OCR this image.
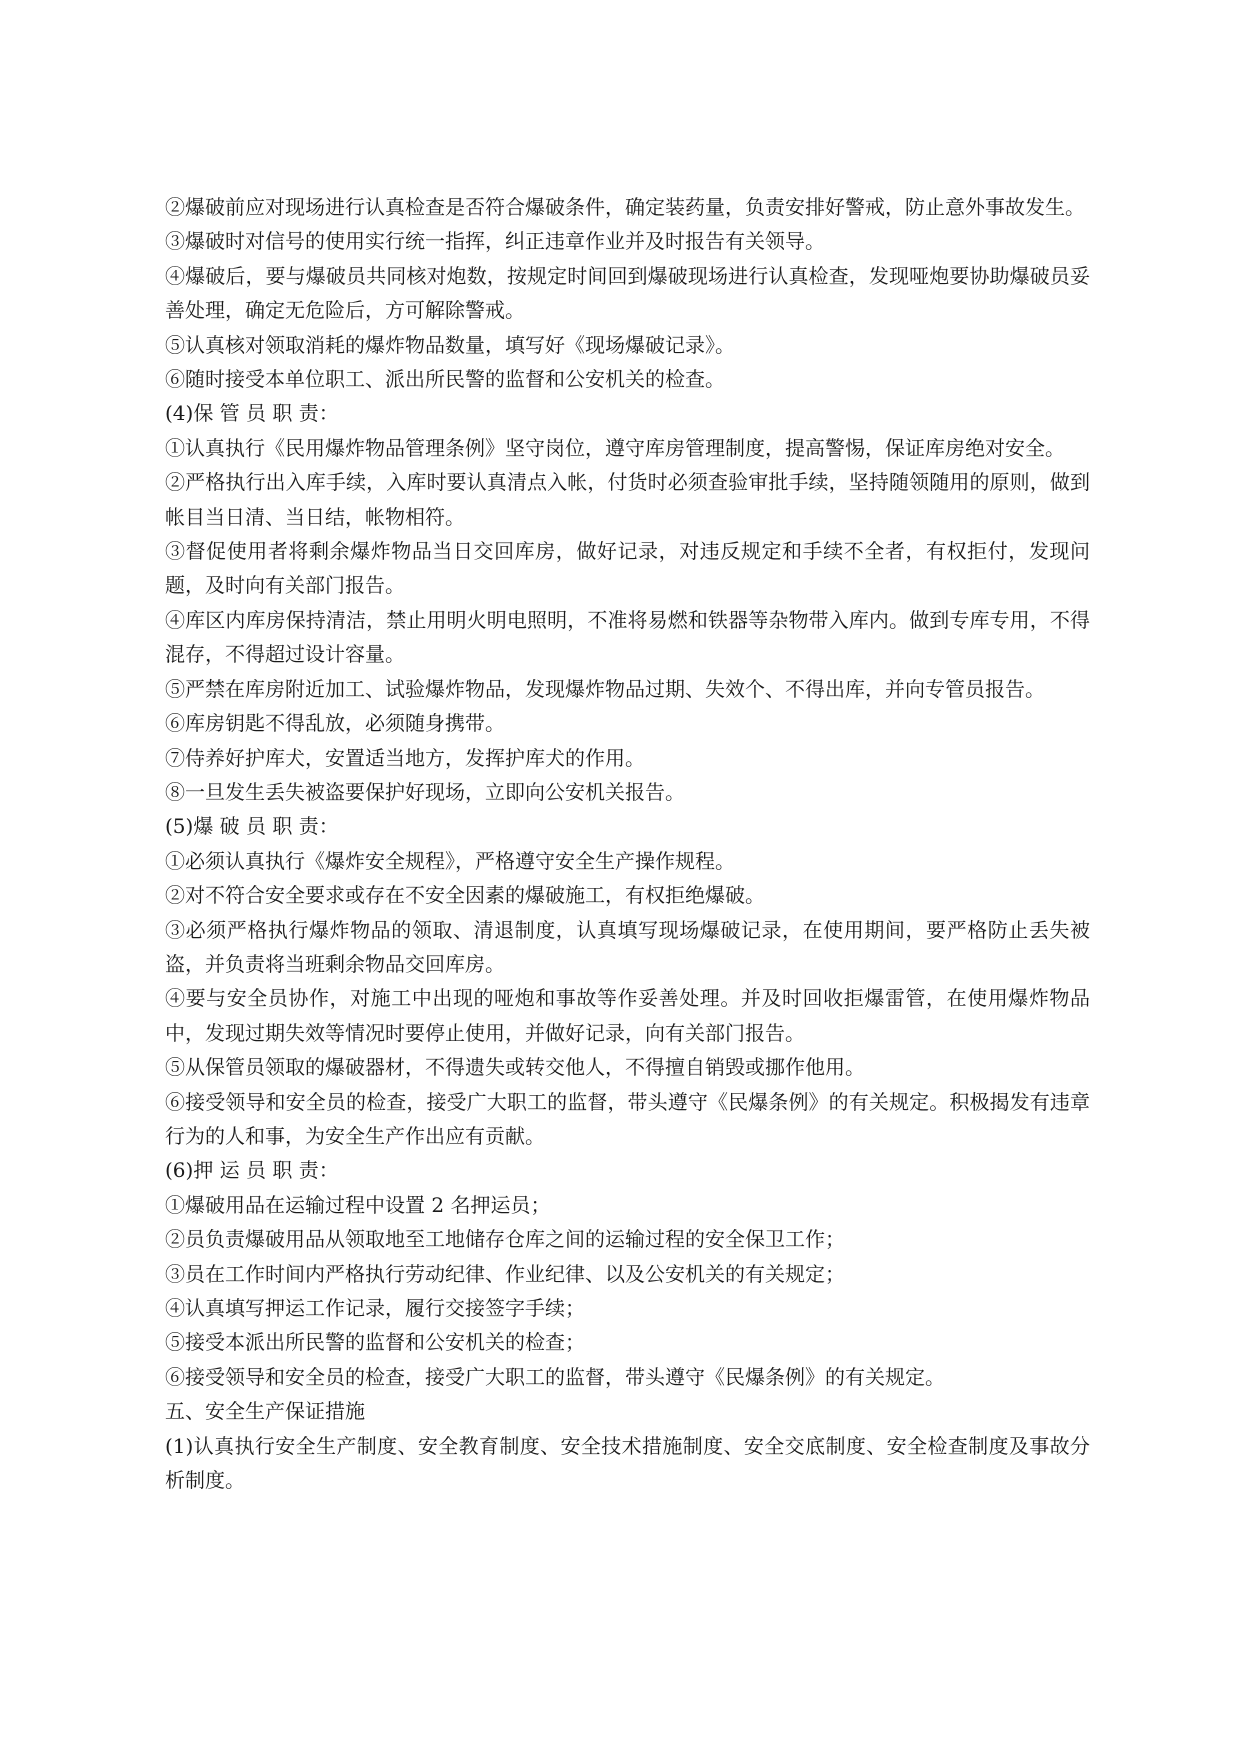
②爆破前应对现场进行认真检查是否符合爆破条件，确定装药量，负责安排好警戒，防止意外事故发生。

③爆破时对信号的使用实行统一指挥，纠正违章作业并及时报告有关领导。

④爆破后，要与爆破员共同核对炮数，按规定时间回到爆破现场进行认真检查，发现哑炮要协助爆破员妥善处理，确定无危险后，方可解除警戒。

⑤认真核对领取消耗的爆炸物品数量，填写好《现场爆破记录》。

⑥随时接受本单位职工、派出所民警的监督和公安机关的检查。

(4)保 管 员 职 责：

①认真执行《民用爆炸物品管理条例》坚守岗位，遵守库房管理制度，提高警惕，保证库房绝对安全。

②严格执行出入库手续，入库时要认真清点入帐，付货时必须查验审批手续，坚持随领随用的原则，做到帐目当日清、当日结，帐物相符。

③督促使用者将剩余爆炸物品当日交回库房，做好记录，对违反规定和手续不全者，有权拒付，发现问题，及时向有关部门报告。

④库区内库房保持清洁，禁止用明火明电照明，不准将易燃和铁器等杂物带入库内。做到专库专用，不得混存，不得超过设计容量。

⑤严禁在库房附近加工、试验爆炸物品，发现爆炸物品过期、失效个、不得出库，并向专管员报告。

⑥库房钥匙不得乱放，必须随身携带。

⑦侍养好护库犬，安置适当地方，发挥护库犬的作用。

⑧一旦发生丢失被盗要保护好现场，立即向公安机关报告。

(5)爆 破 员 职 责：

①必须认真执行《爆炸安全规程》，严格遵守安全生产操作规程。

②对不符合安全要求或存在不安全因素的爆破施工，有权拒绝爆破。

③必须严格执行爆炸物品的领取、清退制度，认真填写现场爆破记录，在使用期间，要严格防止丢失被盗，并负责将当班剩余物品交回库房。

④要与安全员协作，对施工中出现的哑炮和事故等作妥善处理。并及时回收拒爆雷管，在使用爆炸物品中，发现过期失效等情况时要停止使用，并做好记录，向有关部门报告。

⑤从保管员领取的爆破器材，不得遗失或转交他人，不得擅自销毁或挪作他用。

⑥接受领导和安全员的检查，接受广大职工的监督，带头遵守《民爆条例》的有关规定。积极揭发有违章行为的人和事，为安全生产作出应有贡献。

(6)押 运 员 职 责：

①爆破用品在运输过程中设置 2 名押运员；

②员负责爆破用品从领取地至工地储存仓库之间的运输过程的安全保卫工作；

③员在工作时间内严格执行劳动纪律、作业纪律、以及公安机关的有关规定；

④认真填写押运工作记录，履行交接签字手续；

⑤接受本派出所民警的监督和公安机关的检查；

⑥接受领导和安全员的检查，接受广大职工的监督，带头遵守《民爆条例》的有关规定。

五、安全生产保证措施

(1)认真执行安全生产制度、安全教育制度、安全技术措施制度、安全交底制度、安全检查制度及事故分析制度。
